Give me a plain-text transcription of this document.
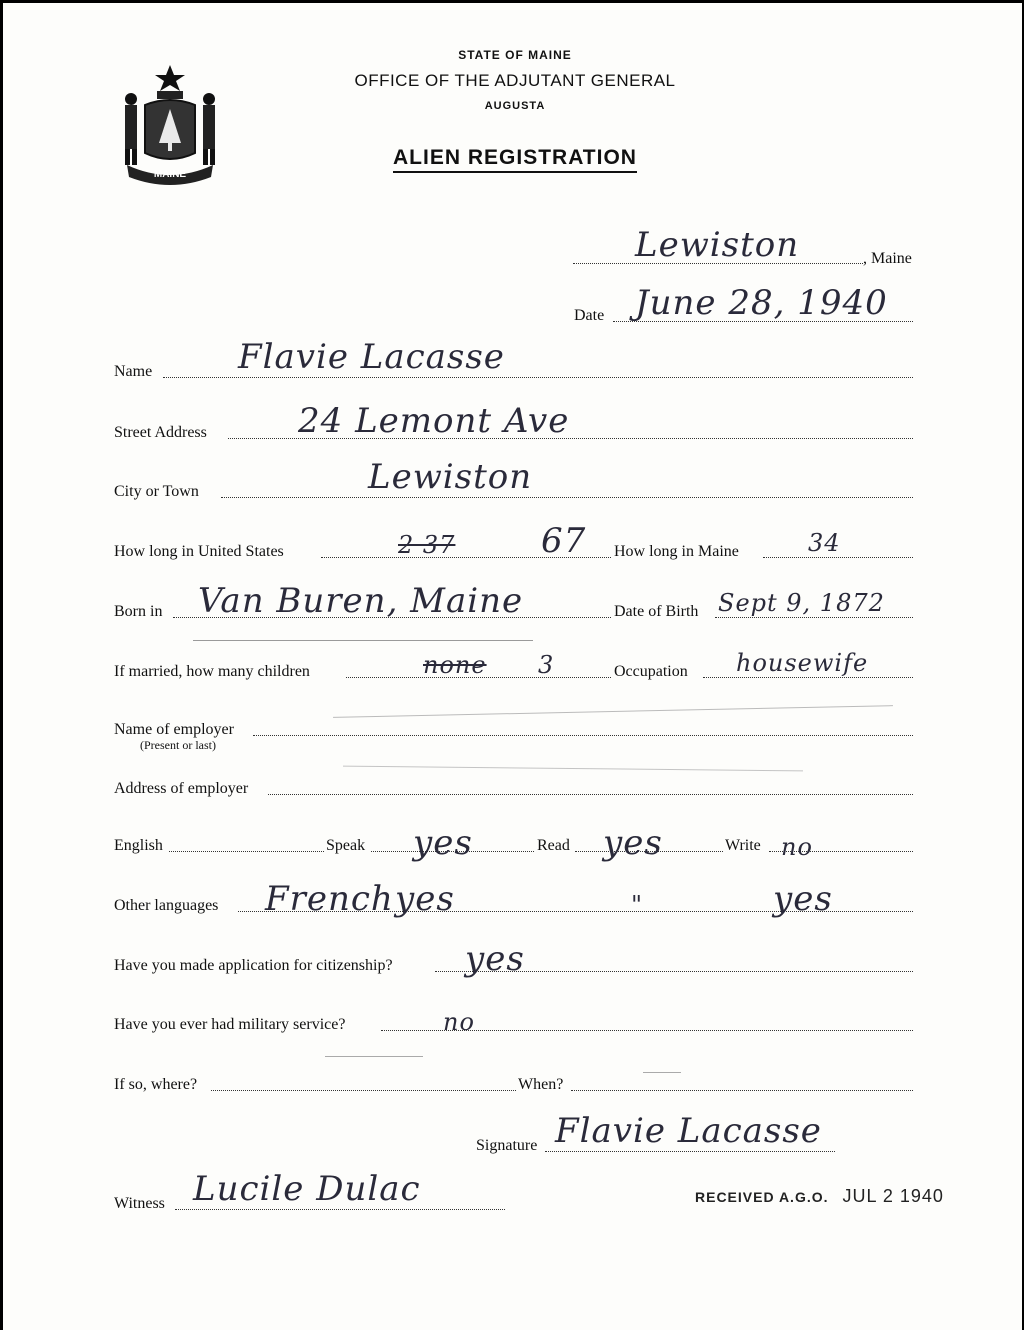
MAINE
STATE OF MAINE
OFFICE OF THE ADJUTANT GENERAL
AUGUSTA
ALIEN REGISTRATION
Lewiston	, Maine
Date June 28, 1940
Name	Flavie Lacasse
Street Address	24 Lemont Ave
City or Town	Lewiston
How long in United States	2 37	67 How long in Maine	34
Born in Van Buren, Maine	Date of Birth Sept 9, 1872
If married, how many children	none 3	Occupation housewife
Name of employer
(Present or last)
Address of employer
English	Speak yes	Read yes	Write no
Other languages French yes	"	yes
Have you made application for citizenship? yes
Have you ever had military service?	no
If so, where?	When?
Signature Flavie Lacasse
Witness Lucile Dulac	RECEIVED A.G.O. JUL 2 1940
